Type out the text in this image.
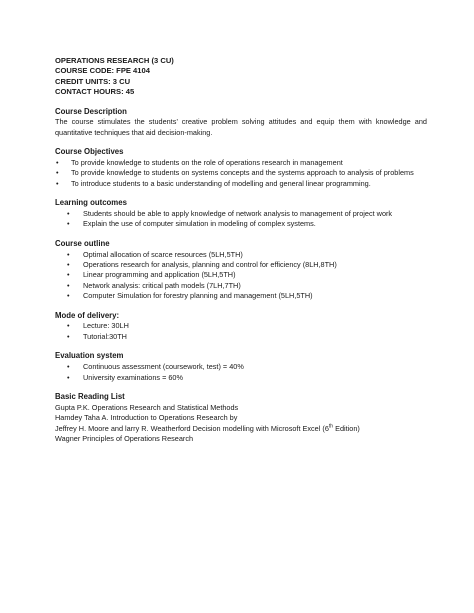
OPERATIONS RESEARCH (3 CU)
COURSE CODE: FPE 4104
CREDIT UNITS: 3 CU
CONTACT HOURS: 45
Course Description
The course stimulates the students’ creative problem solving attitudes and equip them with knowledge and quantitative techniques that aid decision-making.
Course Objectives
• To provide knowledge to students on the role of operations research in management
• To provide knowledge to students on systems concepts and the systems approach to analysis of problems
• To introduce students to a basic understanding of modelling and general linear programming.
Learning outcomes
• Students should be able to apply knowledge of network analysis to management of project work
• Explain the use of computer simulation in modeling of complex systems.
Course outline
• Optimal allocation of scarce resources (5LH,5TH)
• Operations research for analysis, planning and control for efficiency (8LH,8TH)
• Linear programming and application (5LH,5TH)
• Network analysis: critical path models (7LH,7TH)
• Computer Simulation for forestry planning and management (5LH,5TH)
Mode of delivery:
• Lecture: 30LH
• Tutorial:30TH
Evaluation system
• Continuous assessment (coursework, test) = 40%
• University examinations = 60%
Basic Reading List
Gupta P.K. Operations Research and Statistical Methods
Hamdey Taha A. Introduction to Operations Research by
Jeffrey H. Moore and larry R. Weatherford Decision modelling with Microsoft Excel (6th Edition)
Wagner Principles of Operations Research
